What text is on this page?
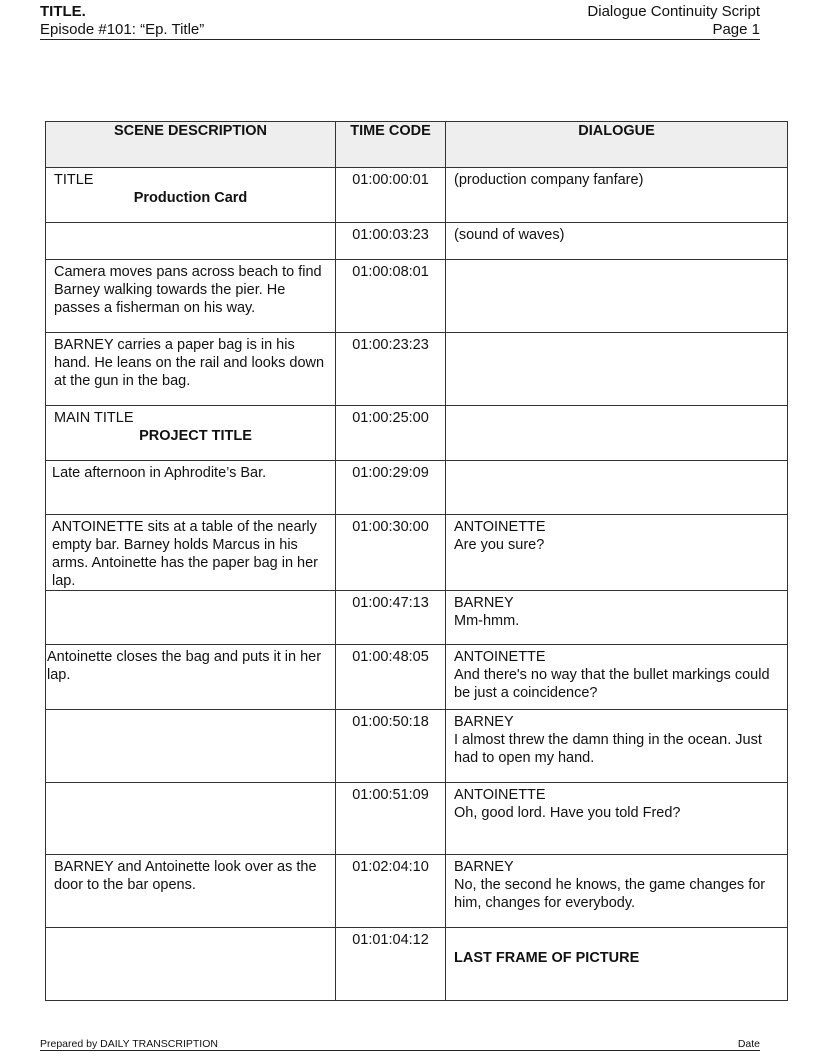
TITLE.	Dialogue Continuity Script
Episode #101: “Ep. Title”	Page 1
SCENE DESCRIPTION	TIME CODE	DIALOGUE

TITLE
Production Card	01:00:00:01	(production company fanfare)

	01:00:03:23	(sound of waves)

Camera moves pans across beach to find Barney walking towards the pier. He passes a fisherman on his way.	01:00:08:01	

BARNEY carries a paper bag is in his hand. He leans on the rail and looks down at the gun in the bag.	01:00:23:23	

MAIN TITLE
PROJECT TITLE	01:00:25:00	

Late afternoon in Aphrodite’s Bar.	01:00:29:09	

ANTOINETTE sits at a table of the nearly empty bar. Barney holds Marcus in his arms. Antoinette has the paper bag in her lap.	01:00:30:00	ANTOINETTE
Are you sure?

	01:00:47:13	BARNEY
Mm-hmm.

Antoinette closes the bag and puts it in her lap.	01:00:48:05	ANTOINETTE
And there's no way that the bullet markings could be just a coincidence?

	01:00:50:18	BARNEY
I almost threw the damn thing in the ocean. Just had to open my hand.

	01:00:51:09	ANTOINETTE
Oh, good lord. Have you told Fred?

BARNEY and Antoinette look over as the door to the bar opens.	01:02:04:10	BARNEY
No, the second he knows, the game changes for him, changes for everybody.

	01:01:04:12	LAST FRAME OF PICTURE
Prepared by DAILY TRANSCRIPTION	Date
